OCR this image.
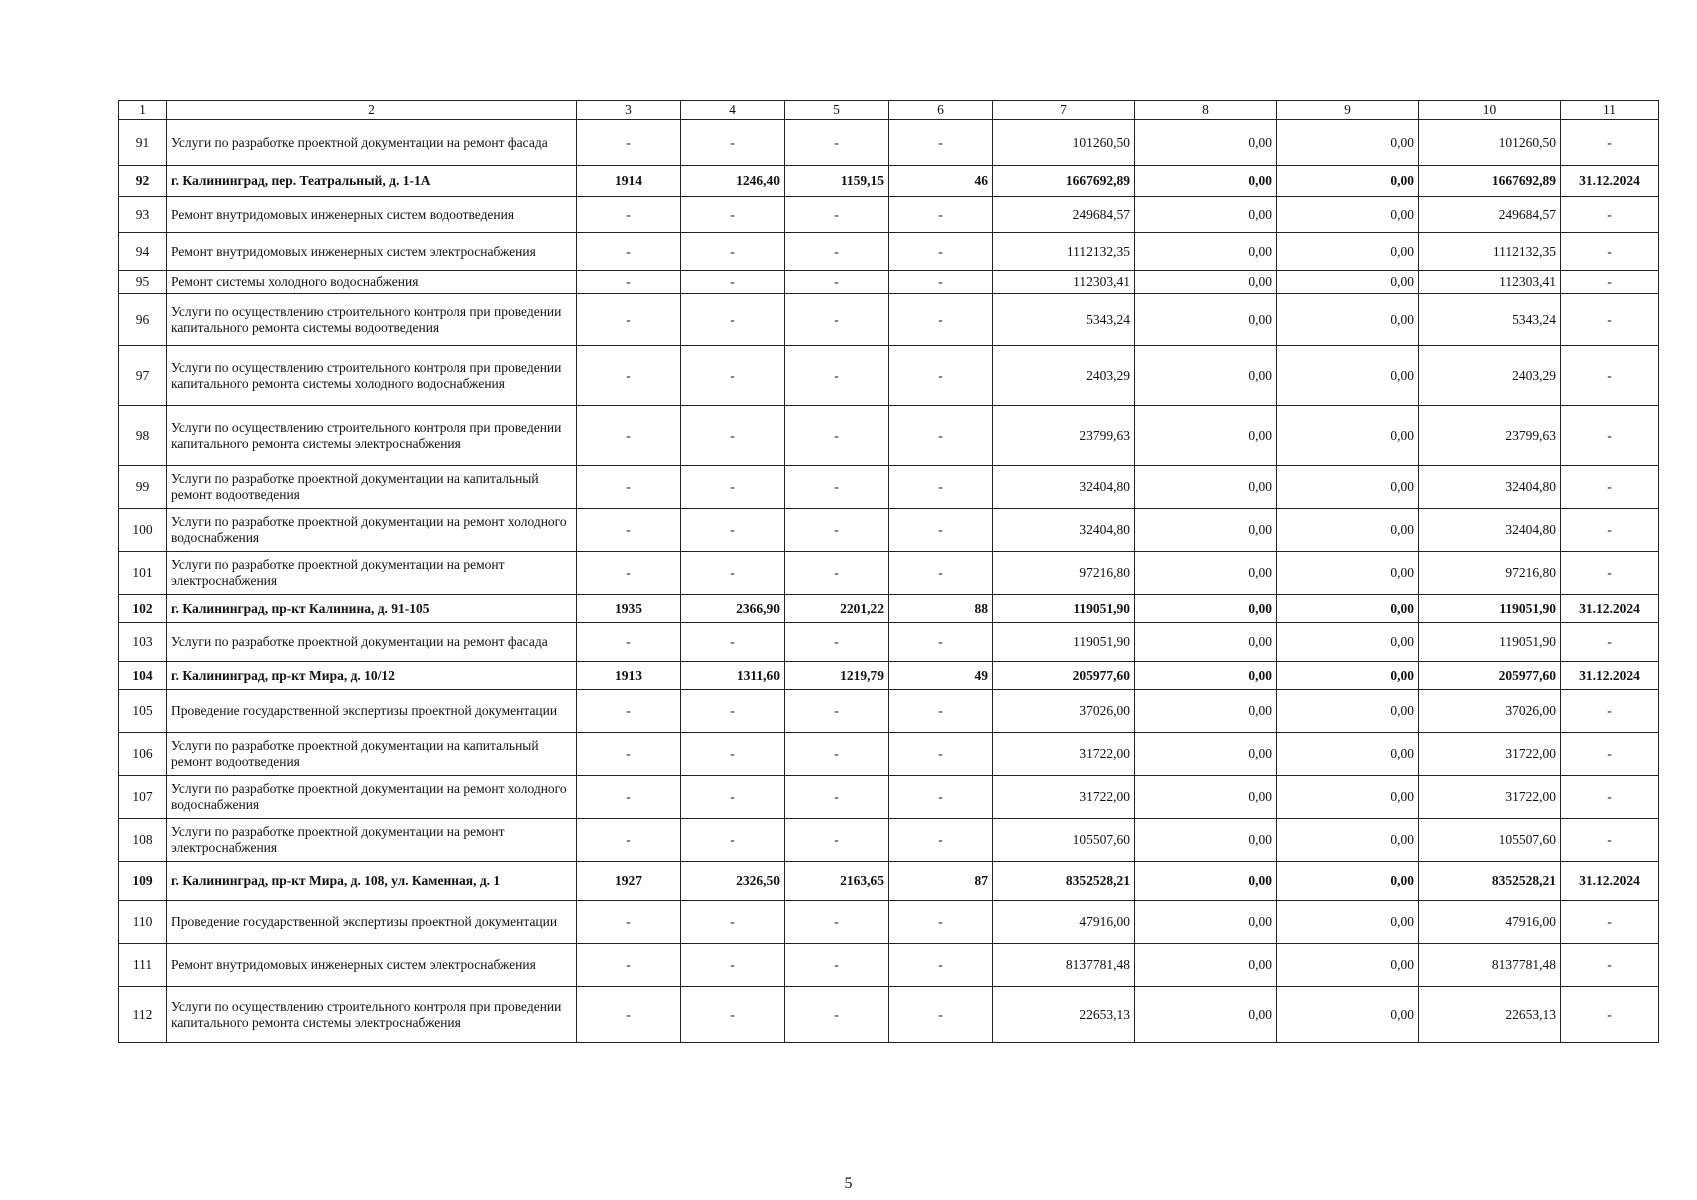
1	2	3	4	5	6	7	8	9	10	11
91	Услуги по разработке проектной документации на ремонт фасада	-	-	-	-	101260,50	0,00	0,00	101260,50	-
92	г. Калининград, пер. Театральный, д. 1-1А	1914	1246,40	1159,15	46	1667692,89	0,00	0,00	1667692,89	31.12.2024
93	Ремонт внутридомовых инженерных систем водоотведения	-	-	-	-	249684,57	0,00	0,00	249684,57	-
94	Ремонт внутридомовых инженерных систем электроснабжения	-	-	-	-	1112132,35	0,00	0,00	1112132,35	-
95	Ремонт системы холодного водоснабжения	-	-	-	-	112303,41	0,00	0,00	112303,41	-
96	Услуги по осуществлению строительного контроля при проведении капитального ремонта системы водоотведения	-	-	-	-	5343,24	0,00	0,00	5343,24	-
97	Услуги по осуществлению строительного контроля при проведении капитального ремонта системы холодного водоснабжения	-	-	-	-	2403,29	0,00	0,00	2403,29	-
98	Услуги по осуществлению строительного контроля при проведении капитального ремонта системы электроснабжения	-	-	-	-	23799,63	0,00	0,00	23799,63	-
99	Услуги по разработке проектной документации на капитальный ремонт водоотведения	-	-	-	-	32404,80	0,00	0,00	32404,80	-
100	Услуги по разработке проектной документации на ремонт холодного водоснабжения	-	-	-	-	32404,80	0,00	0,00	32404,80	-
101	Услуги по разработке проектной документации на ремонт электроснабжения	-	-	-	-	97216,80	0,00	0,00	97216,80	-
102	г. Калининград, пр-кт Калинина, д. 91-105	1935	2366,90	2201,22	88	119051,90	0,00	0,00	119051,90	31.12.2024
103	Услуги по разработке проектной документации на ремонт фасада	-	-	-	-	119051,90	0,00	0,00	119051,90	-
104	г. Калининград, пр-кт Мира, д. 10/12	1913	1311,60	1219,79	49	205977,60	0,00	0,00	205977,60	31.12.2024
105	Проведение государственной экспертизы проектной документации	-	-	-	-	37026,00	0,00	0,00	37026,00	-
106	Услуги по разработке проектной документации на капитальный ремонт водоотведения	-	-	-	-	31722,00	0,00	0,00	31722,00	-
107	Услуги по разработке проектной документации на ремонт холодного водоснабжения	-	-	-	-	31722,00	0,00	0,00	31722,00	-
108	Услуги по разработке проектной документации на ремонт электроснабжения	-	-	-	-	105507,60	0,00	0,00	105507,60	-
109	г. Калининград, пр-кт Мира, д. 108, ул. Каменная, д. 1	1927	2326,50	2163,65	87	8352528,21	0,00	0,00	8352528,21	31.12.2024
110	Проведение государственной экспертизы проектной документации	-	-	-	-	47916,00	0,00	0,00	47916,00	-
111	Ремонт внутридомовых инженерных систем электроснабжения	-	-	-	-	8137781,48	0,00	0,00	8137781,48	-
112	Услуги по осуществлению строительного контроля при проведении капитального ремонта системы электроснабжения	-	-	-	-	22653,13	0,00	0,00	22653,13	-
5
